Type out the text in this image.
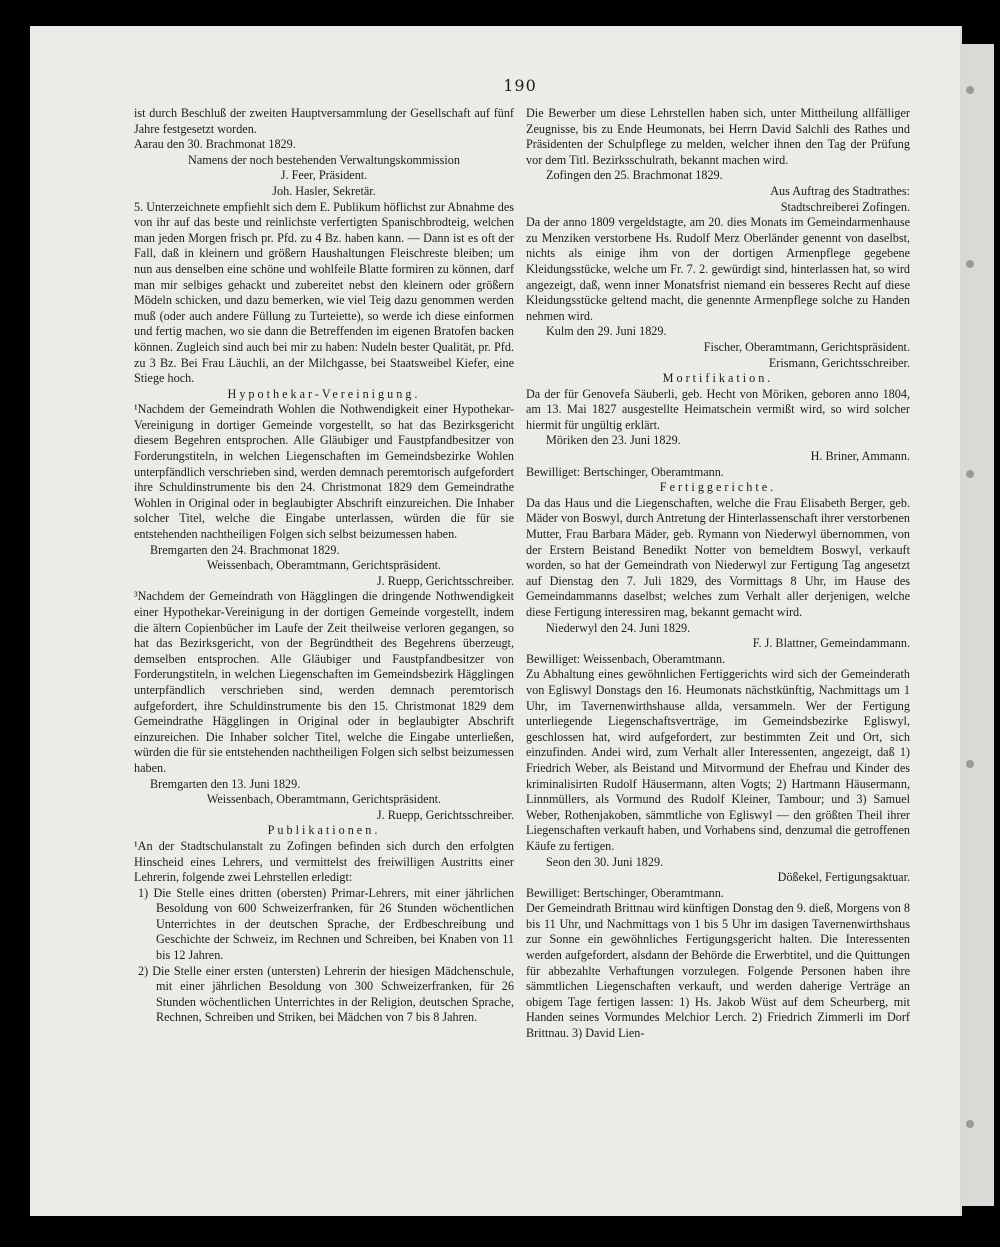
190

ist durch Beschluß der zweiten Hauptversammlung der Gesellschaft auf fünf Jahre festgesetzt worden.

Aarau den 30. Brachmonat 1829.

Namens der noch bestehenden Verwaltungskommission

J. Feer, Präsident.

Joh. Hasler, Sekretär.

5. Unterzeichnete empfiehlt sich dem E. Publikum höflichst zur Abnahme des von ihr auf das beste und reinlichste verfertigten Spanischbrodteig, welchen man jeden Morgen frisch pr. Pfd. zu 4 Bz. haben kann. — Dann ist es oft der Fall, daß in kleinern und größern Haushaltungen Fleischreste bleiben; um nun aus denselben eine schöne und wohlfeile Blatte formiren zu können, darf man mir selbiges gehackt und zubereitet nebst den kleinern oder größern Mödeln schicken, und dazu bemerken, wie viel Teig dazu genommen werden muß (oder auch andere Füllung zu Turteiette), so werde ich diese einformen und fertig machen, wo sie dann die Betreffenden im eigenen Bratofen backen können. Zugleich sind auch bei mir zu haben: Nudeln bester Qualität, pr. Pfd. zu 3 Bz. Bei Frau Läuchli, an der Milchgasse, bei Staatsweibel Kiefer, eine Stiege hoch.

Hypothekar-Vereinigung.

¹Nachdem der Gemeindrath Wohlen die Nothwendigkeit einer Hypothekar-Vereinigung in dortiger Gemeinde vorgestellt, so hat das Bezirksgericht diesem Begehren entsprochen. Alle Gläubiger und Faustpfandbesitzer von Forderungstiteln, in welchen Liegenschaften im Gemeindsbezirke Wohlen unterpfändlich verschrieben sind, werden demnach peremtorisch aufgefordert ihre Schuldinstrumente bis den 24. Christmonat 1829 dem Gemeindrathe Wohlen in Original oder in beglaubigter Abschrift einzureichen. Die Inhaber solcher Titel, welche die Eingabe unterlassen, würden die für sie entstehenden nachtheiligen Folgen sich selbst beizumessen haben.

Bremgarten den 24. Brachmonat 1829.

Weissenbach, Oberamtmann, Gerichtspräsident.

J. Ruepp, Gerichtsschreiber.

³Nachdem der Gemeindrath von Hägglingen die dringende Nothwendigkeit einer Hypothekar-Vereinigung in der dortigen Gemeinde vorgestellt, indem die ältern Copienbücher im Laufe der Zeit theilweise verloren gegangen, so hat das Bezirksgericht, von der Begründtheit des Begehrens überzeugt, demselben entsprochen. Alle Gläubiger und Faustpfandbesitzer von Forderungstiteln, in welchen Liegenschaften im Gemeindsbezirk Hägglingen unterpfändlich verschrieben sind, werden demnach peremtorisch aufgefordert, ihre Schuldinstrumente bis den 15. Christmonat 1829 dem Gemeindrathe Hägglingen in Original oder in beglaubigter Abschrift einzureichen. Die Inhaber solcher Titel, welche die Eingabe unterließen, würden die für sie entstehenden nachtheiligen Folgen sich selbst beizumessen haben.

Bremgarten den 13. Juni 1829.

Weissenbach, Oberamtmann, Gerichtspräsident.

J. Ruepp, Gerichtsschreiber.

Publikationen.

¹An der Stadtschulanstalt zu Zofingen befinden sich durch den erfolgten Hinscheid eines Lehrers, und vermittelst des freiwilligen Austritts einer Lehrerin, folgende zwei Lehrstellen erledigt:

1) Die Stelle eines dritten (obersten) Primar-Lehrers, mit einer jährlichen Besoldung von 600 Schweizerfranken, für 26 Stunden wöchentlichen Unterrichtes in der deutschen Sprache, der Erdbeschreibung und Geschichte der Schweiz, im Rechnen und Schreiben, bei Knaben von 11 bis 12 Jahren.

2) Die Stelle einer ersten (untersten) Lehrerin der hiesigen Mädchenschule, mit einer jährlichen Besoldung von 300 Schweizerfranken, für 26 Stunden wöchentlichen Unterrichtes in der Religion, deutschen Sprache, Rechnen, Schreiben und Striken, bei Mädchen von 7 bis 8 Jahren.

Die Bewerber um diese Lehrstellen haben sich, unter Mittheilung allfälliger Zeugnisse, bis zu Ende Heumonats, bei Herrn David Salchli des Rathes und Präsidenten der Schulpflege zu melden, welcher ihnen den Tag der Prüfung vor dem Titl. Bezirksschulrath, bekannt machen wird.

Zofingen den 25. Brachmonat 1829.

Aus Auftrag des Stadtrathes:

Stadtschreiberei Zofingen.

Da der anno 1809 vergeldstagte, am 20. dies Monats im Gemeindarmenhause zu Menziken verstorbene Hs. Rudolf Merz Oberländer genennt von daselbst, nichts als einige ihm von der dortigen Armenpflege gegebene Kleidungsstücke, welche um Fr. 7. 2. gewürdigt sind, hinterlassen hat, so wird angezeigt, daß, wenn inner Monatsfrist niemand ein besseres Recht auf diese Kleidungsstücke geltend macht, die genennte Armenpflege solche zu Handen nehmen wird.

Kulm den 29. Juni 1829.

Fischer, Oberamtmann, Gerichtspräsident.

Erismann, Gerichtsschreiber.

Mortifikation.

Da der für Genovefa Säuberli, geb. Hecht von Möriken, geboren anno 1804, am 13. Mai 1827 ausgestellte Heimatschein vermißt wird, so wird solcher hiermit für ungültig erklärt.

Möriken den 23. Juni 1829.

H. Briner, Ammann.

Bewilliget: Bertschinger, Oberamtmann.

Fertiggerichte.

Da das Haus und die Liegenschaften, welche die Frau Elisabeth Berger, geb. Mäder von Boswyl, durch Antretung der Hinterlassenschaft ihrer verstorbenen Mutter, Frau Barbara Mäder, geb. Rymann von Niederwyl übernommen, von der Erstern Beistand Benedikt Notter von bemeldtem Boswyl, verkauft worden, so hat der Gemeindrath von Niederwyl zur Fertigung Tag angesetzt auf Dienstag den 7. Juli 1829, des Vormittags 8 Uhr, im Hause des Gemeindammanns daselbst; welches zum Verhalt aller derjenigen, welche diese Fertigung interessiren mag, bekannt gemacht wird.

Niederwyl den 24. Juni 1829.

F. J. Blattner, Gemeindammann.

Bewilliget: Weissenbach, Oberamtmann.

Zu Abhaltung eines gewöhnlichen Fertiggerichts wird sich der Gemeinderath von Egliswyl Donstags den 16. Heumonats nächstkünftig, Nachmittags um 1 Uhr, im Tavernenwirthshause allda, versammeln. Wer der Fertigung unterliegende Liegenschaftsverträge, im Gemeindsbezirke Egliswyl, geschlossen hat, wird aufgefordert, zur bestimmten Zeit und Ort, sich einzufinden. Andei wird, zum Verhalt aller Interessenten, angezeigt, daß 1) Friedrich Weber, als Beistand und Mitvormund der Ehefrau und Kinder des kriminalisirten Rudolf Häusermann, alten Vogts; 2) Hartmann Häusermann, Linnmüllers, als Vormund des Rudolf Kleiner, Tambour; und 3) Samuel Weber, Rothenjakoben, sämmtliche von Egliswyl — den größten Theil ihrer Liegenschaften verkauft haben, und Vorhabens sind, denzumal die getroffenen Käufe zu fertigen.

Seon den 30. Juni 1829.

Dößekel, Fertigungsaktuar.

Bewilliget: Bertschinger, Oberamtmann.

Der Gemeindrath Brittnau wird künftigen Donstag den 9. dieß, Morgens von 8 bis 11 Uhr, und Nachmittags von 1 bis 5 Uhr im dasigen Tavernenwirthshaus zur Sonne ein gewöhnliches Fertigungsgericht halten. Die Interessenten werden aufgefordert, alsdann der Behörde die Erwerbtitel, und die Quittungen für abbezahlte Verhaftungen vorzulegen. Folgende Personen haben ihre sämmtlichen Liegenschaften verkauft, und werden daherige Verträge an obigem Tage fertigen lassen: 1) Hs. Jakob Wüst auf dem Scheurberg, mit Handen seines Vormundes Melchior Lerch. 2) Friedrich Zimmerli im Dorf Brittnau. 3) David Lien-
